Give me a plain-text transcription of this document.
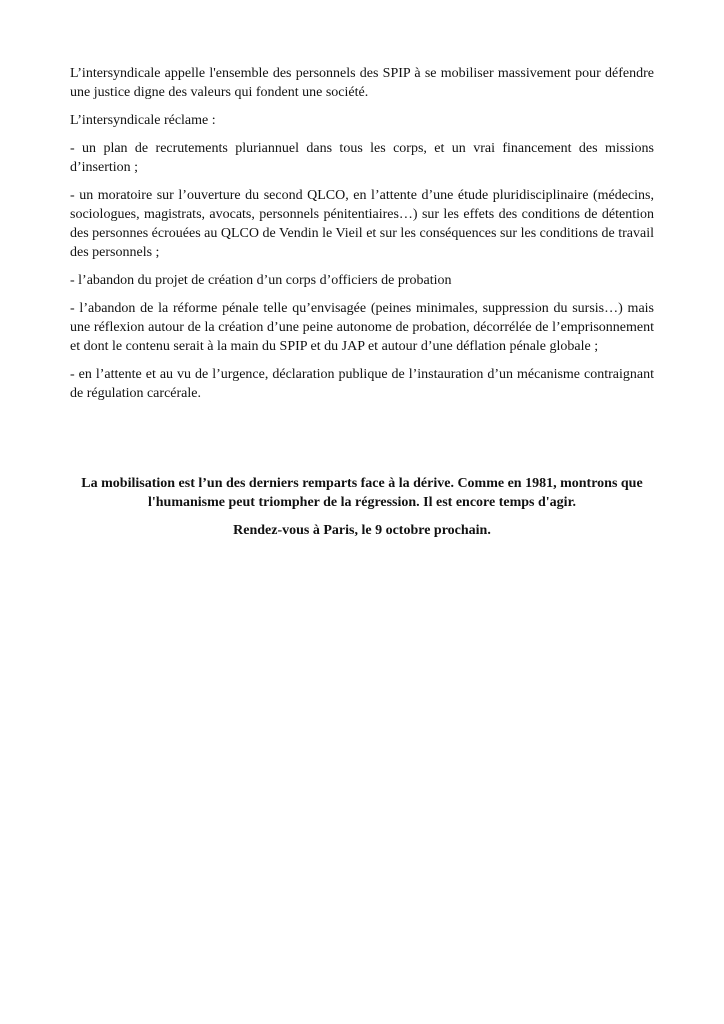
L’intersyndicale appelle l'ensemble des personnels des SPIP à se mobiliser massivement pour défendre une justice digne des valeurs qui fondent une société.

L’intersyndicale réclame :

- un plan de recrutements pluriannuel dans tous les corps, et un vrai financement des missions d’insertion ;

- un moratoire sur l’ouverture du second QLCO, en l’attente d’une étude pluridisciplinaire (médecins, sociologues, magistrats, avocats, personnels pénitentiaires…) sur les effets des conditions de détention des personnes écrouées au QLCO de Vendin le Vieil et sur les conséquences sur les conditions de travail des personnels ;

- l’abandon du projet de création d’un corps d’officiers de probation

- l’abandon de la réforme pénale telle qu’envisagée (peines minimales, suppression du sursis…) mais une réflexion autour de la création d’une peine autonome de probation, décorrélée de l’emprisonnement et dont le contenu serait à la main du SPIP et du JAP et autour d’une déflation pénale globale ;

- en l’attente et au vu de l’urgence, déclaration publique de l’instauration d’un mécanisme contraignant de régulation carcérale.

La mobilisation est l’un des derniers remparts face à la dérive. Comme en 1981, montrons que l'humanisme peut triompher de la régression. Il est encore temps d'agir.

Rendez-vous à Paris, le 9 octobre prochain.
